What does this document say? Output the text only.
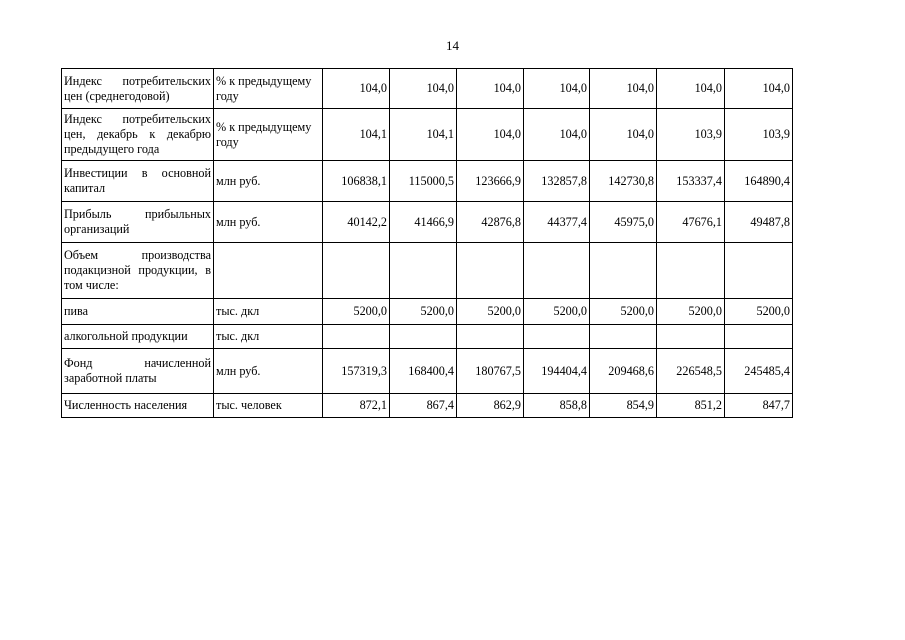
14
Индекс потребительских цен (среднегодовой)	% к предыдущему году	104,0	104,0	104,0	104,0	104,0	104,0	104,0
Индекс потребительских цен, декабрь к декабрю предыдущего года	% к предыдущему году	104,1	104,1	104,0	104,0	104,0	103,9	103,9
Инвестиции в основной капитал	млн руб.	106838,1	115000,5	123666,9	132857,8	142730,8	153337,4	164890,4
Прибыль прибыльных организаций	млн руб.	40142,2	41466,9	42876,8	44377,4	45975,0	47676,1	49487,8
Объем производства подакцизной продукции, в том числе:								
пива	тыс. дкл	5200,0	5200,0	5200,0	5200,0	5200,0	5200,0	5200,0
алкогольной продукции	тыс. дкл							
Фонд начисленной заработной платы	млн руб.	157319,3	168400,4	180767,5	194404,4	209468,6	226548,5	245485,4
Численность населения	тыс. человек	872,1	867,4	862,9	858,8	854,9	851,2	847,7
